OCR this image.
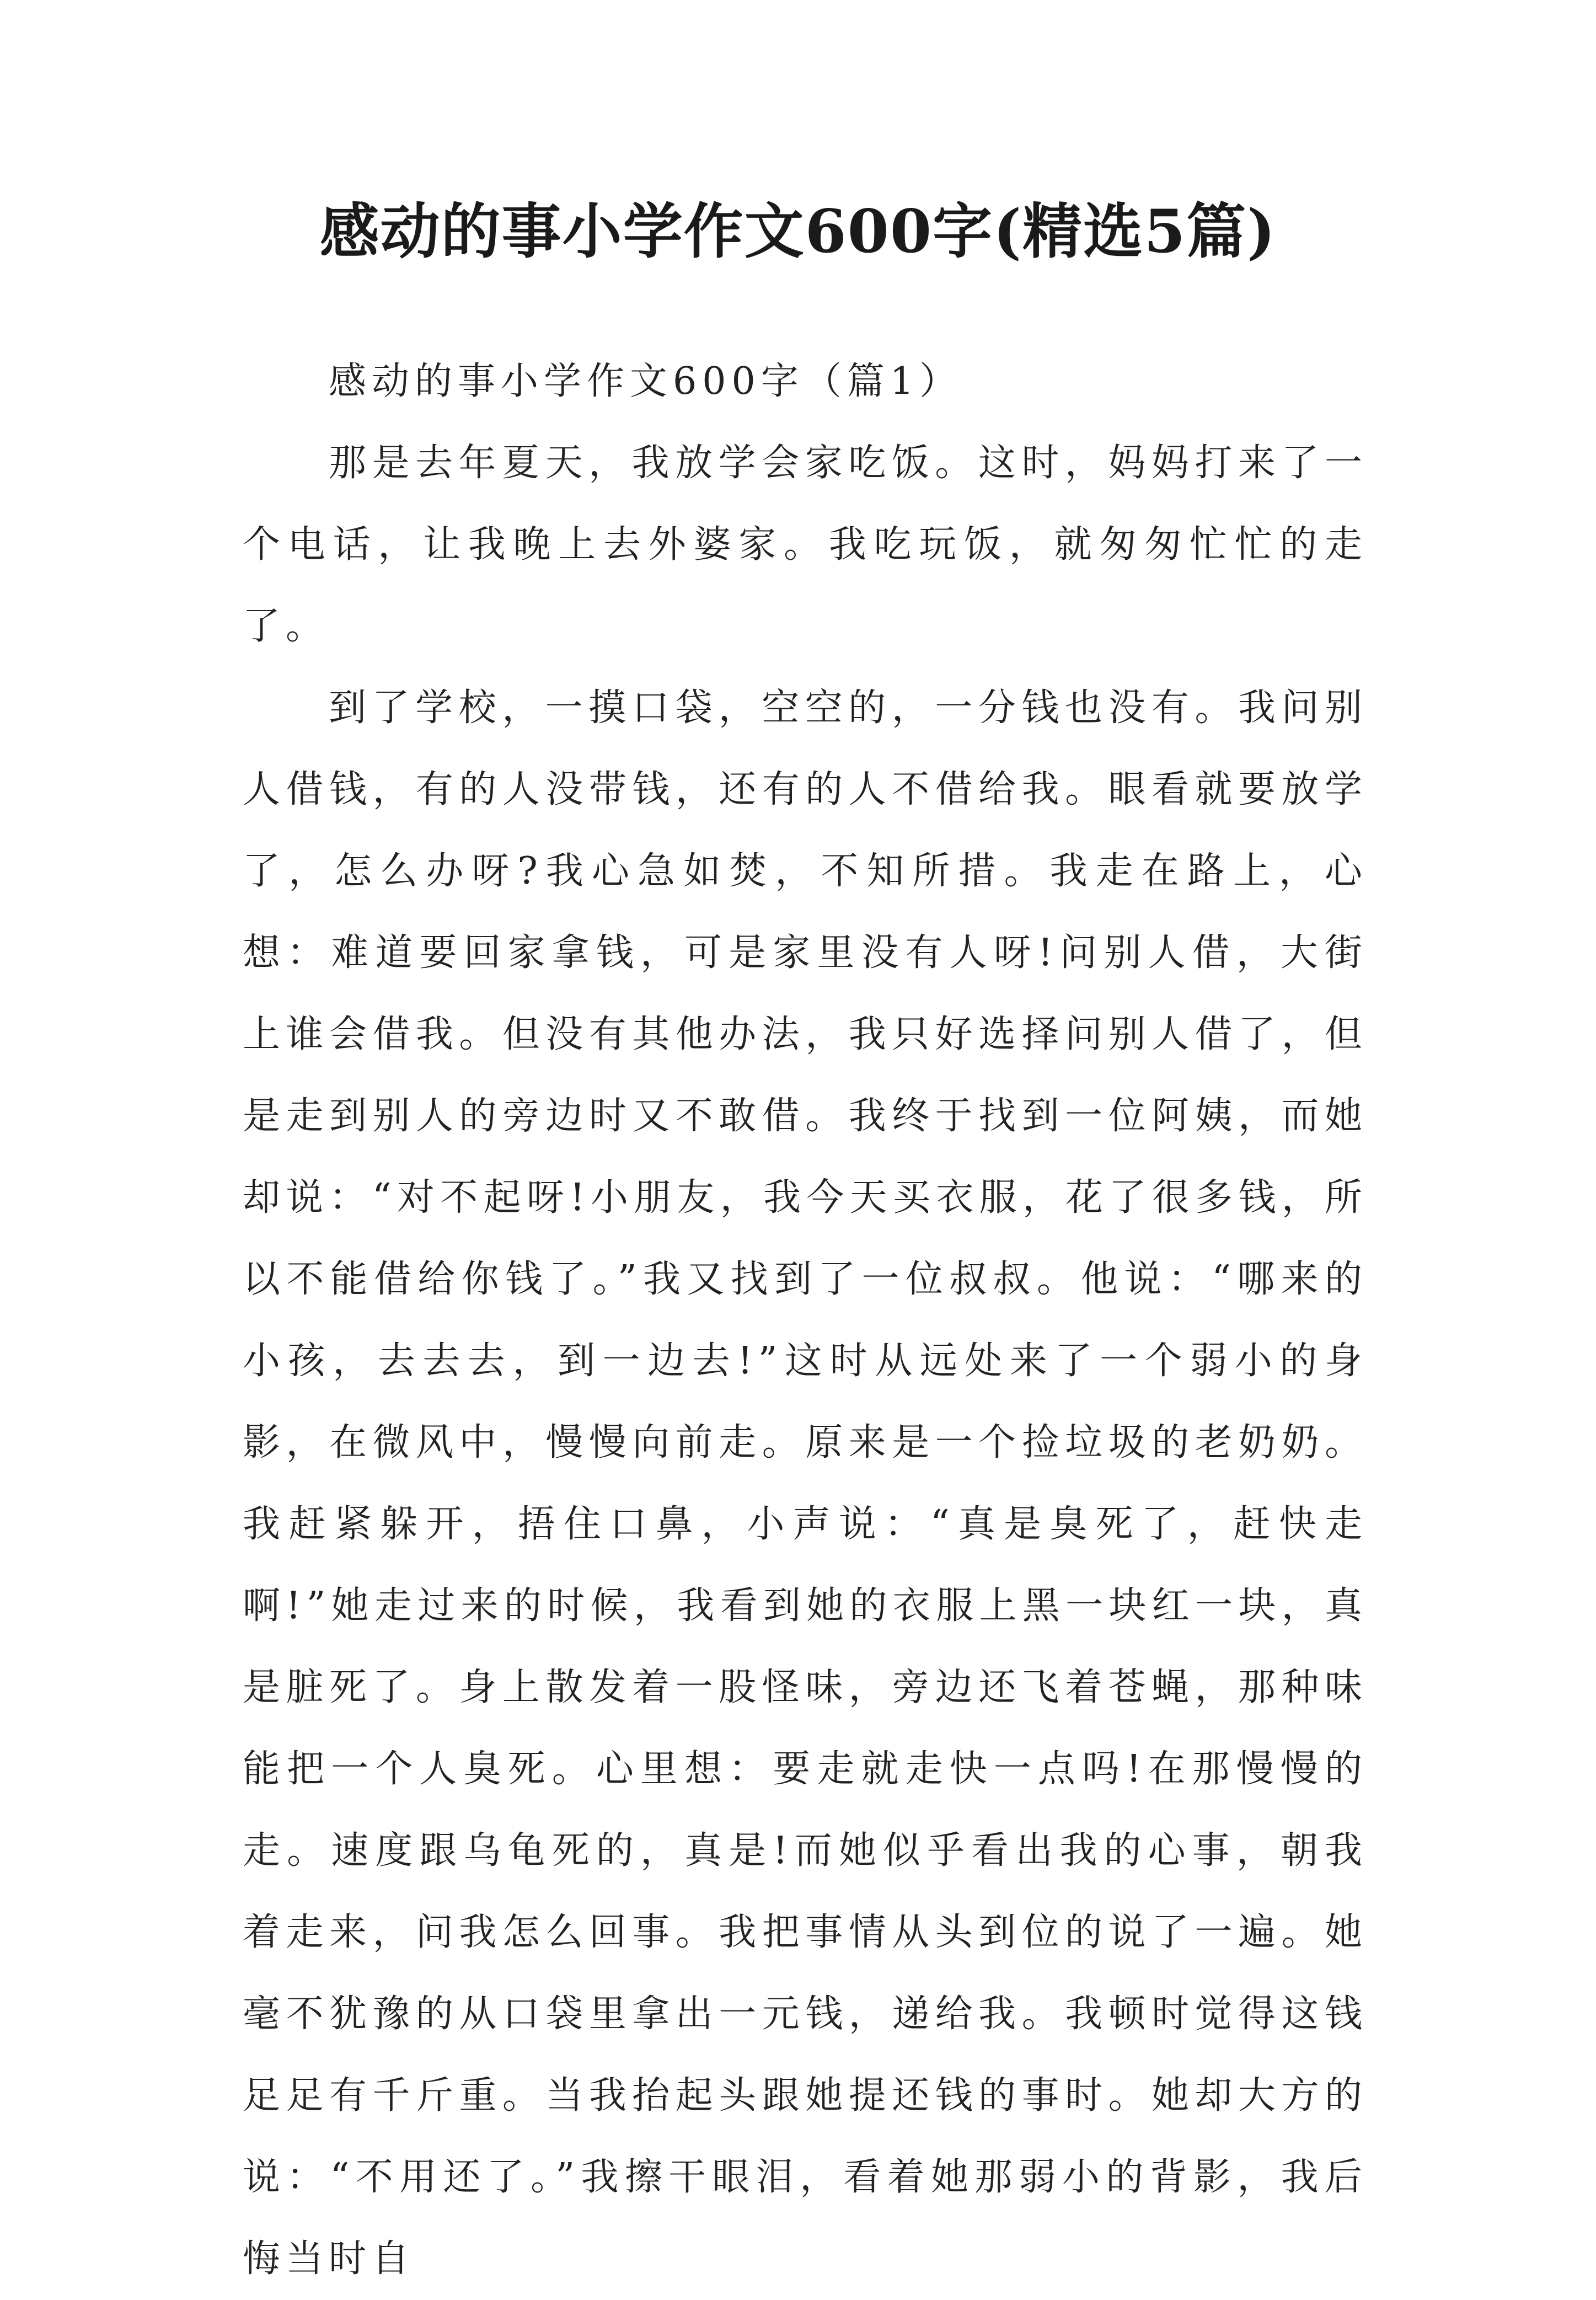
感动的事小学作文600字(精选5篇)

感动的事小学作文600字（篇1）

那是去年夏天，我放学会家吃饭。这时，妈妈打来了一个电话，让我晚上去外婆家。我吃玩饭，就匆匆忙忙的走了。

到了学校，一摸口袋，空空的，一分钱也没有。我问别人借钱，有的人没带钱，还有的人不借给我。眼看就要放学了，怎么办呀?我心急如焚，不知所措。我走在路上，心想：难道要回家拿钱，可是家里没有人呀!问别人借，大街上谁会借我。但没有其他办法，我只好选择问别人借了，但是走到别人的旁边时又不敢借。我终于找到一位阿姨，而她却说：“对不起呀!小朋友，我今天买衣服，花了很多钱，所以不能借给你钱了。”我又找到了一位叔叔。他说：“哪来的小孩，去去去，到一边去!”这时从远处来了一个弱小的身影，在微风中，慢慢向前走。原来是一个捡垃圾的老奶奶。我赶紧躲开，捂住口鼻，小声说：“真是臭死了，赶快走啊!”她走过来的时候，我看到她的衣服上黑一块红一块，真是脏死了。身上散发着一股怪味，旁边还飞着苍蝇，那种味能把一个人臭死。心里想：要走就走快一点吗!在那慢慢的走。速度跟乌龟死的，真是!而她似乎看出我的心事，朝我着走来，问我怎么回事。我把事情从头到位的说了一遍。她毫不犹豫的从口袋里拿出一元钱，递给我。我顿时觉得这钱足足有千斤重。当我抬起头跟她提还钱的事时。她却大方的说：“不用还了。”我擦干眼泪，看着她那弱小的背影，我后悔当时自
